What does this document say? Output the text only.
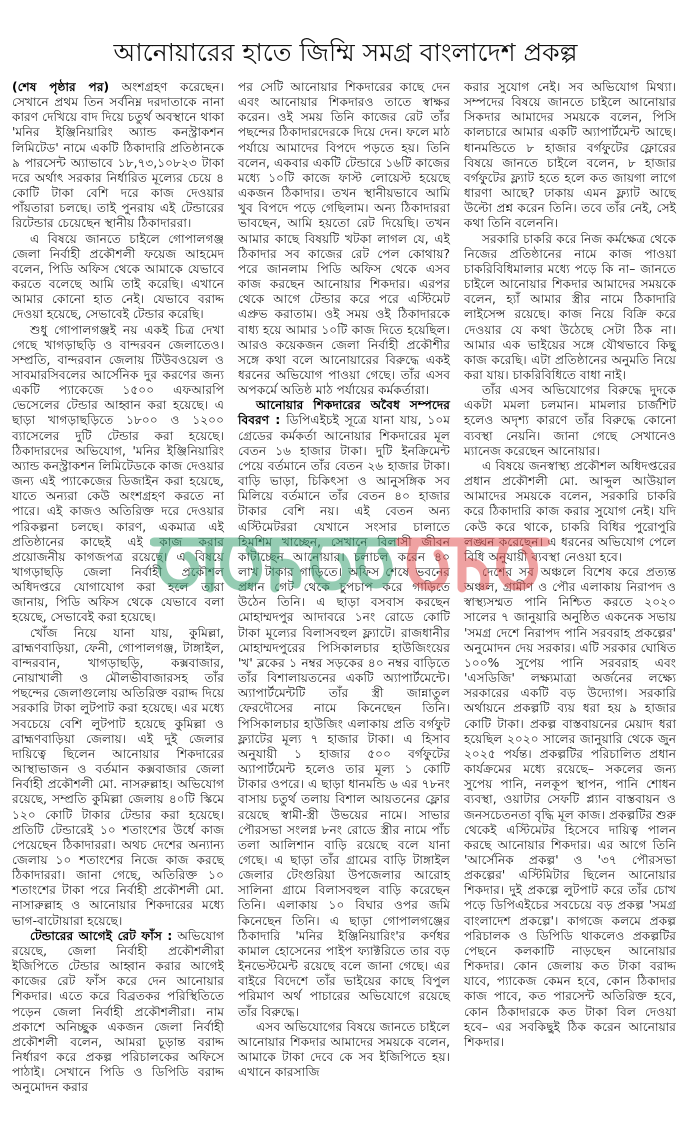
আনোয়ারের হাতে জিম্মি সমগ্র বাংলাদেশ প্রকল্প

(শেষ পৃষ্ঠার পর) অংশগ্রহণ করেছেন। সেখানে প্রথম তিন সর্বনিম্ন দরদাতাকে নানা কারণ দেখিয়ে বাদ দিয়ে চতুর্থ অবস্থানে থাকা 'মনির ইঞ্জিনিয়ারিং অ্যান্ড কনস্ট্রাকশন লিমিটেড' নামে একটি ঠিকাদারি প্রতিষ্ঠানকে ৯ পারসেন্ট অ্যাভাবে ১৮,৭৩,১০৮২৩ টাকা দরে অর্থাৎ সরকার নির্ধারিত মূল্যের চেয়ে ৪ কোটি টাকা বেশি দরে কাজ দেওয়ার পাঁয়তারা চলছে। তাই পুনরায় এই টেন্ডারের রিটেন্ডার চেয়েছেন স্থানীয় ঠিকাদাররা।

এ বিষয়ে জানতে চাইলে গোপালগঞ্জ জেলা নির্বাহী প্রকৌশলী ফয়েজ আহমেদ বলেন, পিডি অফিস থেকে আমাকে যেভাবে করতে বলেছে আমি তাই করেছি। এখানে আমার কোনো হাত নেই। যেভাবে বরাদ্দ দেওয়া হয়েছে, সেভাবেই টেন্ডার করেছি।

শুধু গোপালগঞ্জই নয় একই চিত্র দেখা গেছে খাগড়াছড়ি ও বান্দরবন জেলাতেও। সম্প্রতি, বান্দরবান জেলায় টিউবওয়েল ও সাবমারসিবলের আর্সেনিক দুর করণের জন্য একটি প্যাকেজে ১৫০০ এফআরপি ভেসেলের টেন্ডার আহ্বান করা হয়েছে। এ ছাড়া খাগড়াছড়িতে ১৮০০ ও ১২০০ ব্যাসেলের দুটি টেন্ডার করা হয়েছে। ঠিকাদারদের অভিযোগ, 'মনির ইঞ্জিনিয়ারিং অ্যান্ড কনস্ট্রাকশন লিমিটেডকে কাজ দেওয়ার জন্য এই প্যাকেজের ডিজাইন করা হয়েছে, যাতে অন্যরা কেউ অংশগ্রহণ করতে না পারে। এই কাজও অতিরিক্ত দরে দেওয়ার পরিকল্পনা চলছে। কারণ, একমাত্র এই প্রতিষ্ঠানের কাছেই এই কাজ করার প্রয়োজনীয় কাগজপত্র রয়েছে। এ বিষয়ে খাগড়াছড়ি জেলা নির্বাহী প্রকৌশল অধিদপ্তরে যোগাযোগ করা হলে তারা জানায়, পিডি অফিস থেকে যেভাবে বলা হয়েছে, সেভাবেই করা হয়েছে।

খোঁজ নিয়ে যানা যায়, কুমিল্লা, ব্রাহ্মণবাড়িয়া, ফেনী, গোপালগঞ্জ, টাঙ্গাইল, বান্দরবান, খাগড়াছড়ি, কক্সবাজার, নোয়াখালী ও মৌলভীবাজারসহ তাঁর পছন্দের জেলাগুলোয় অতিরিক্ত বরাদ্দ দিয়ে সরকারি টাকা লুটপাট করা হয়েছে। এর মধ্যে সবচেয়ে বেশি লুটপাট হয়েছে কুমিল্লা ও ব্রাহ্মণবাড়িয়া জেলায়। এই দুই জেলার দায়িত্বে ছিলেন আনোয়ার শিকদারের আস্থাভাজন ও বর্তমান কক্সবাজার জেলা নির্বাহী প্রকৌশলী মো. নাসরুল্লাহ। অভিযোগ রয়েছে, সম্প্রতি কুমিল্লা জেলায় ৪০টি স্কিমে ১২০ কোটি টাকার টেন্ডার করা হয়েছে। প্রতিটি টেন্ডারেই ১০ শতাংশের উর্ধে কাজ পেয়েছেন ঠিকাদাররা। অথচ দেশের অন্যান্য জেলায় ১০ শতাংশের নিজে কাজ করছে ঠিকাদাররা। জানা গেছে, অতিরিক্ত ১০ শতাংশের টাকা পরে নির্বাহী প্রকৌশলী মো. নাসারুল্লাহ ও আনোয়ার শিকদারের মধ্যে ভাগ-বাটোয়ারা হয়েছে।

টেন্ডারের আগেই রেট ফাঁস : অভিযোগ রয়েছে, জেলা নির্বাহী প্রকৌশলীরা ইজিপিতে টেন্ডার আহ্বান করার আগেই কাজের রেট ফাঁস করে দেন আনোয়ার শিকদার। এতে করে বিব্রতকর পরিস্থিতিতে পড়েন জেলা নির্বাহী প্রকৌশলীরা। নাম প্রকাশে অনিচ্ছুক একজন জেলা নির্বাহী প্রকৌশলী বলেন, আমরা চূড়ান্ত বরাদ্দ নির্ধারণ করে প্রকল্প পরিচালকের অফিসে পাঠাই। সেখানে পিডি ও ডিপিডি বরাদ্দ অনুমোদন করার

পর সেটি আনোয়ার শিকদারের কাছে দেন এবং আনোয়ার শিকদারও তাতে স্বাক্ষর করেন। ওই সময় তিনি কাজের রেট তাঁর পছন্দের ঠিকাদারদেরকে দিয়ে দেন। ফলে মাঠ পর্যায়ে আমাদের বিপদে পড়তে হয়। তিনি বলেন, একবার একটি টেন্ডারে ১৬টি কাজের মধ্যে ১০টি কাজে ফাস্ট লোয়েস্ট হয়েছে একজন ঠিকাদার। তখন স্থানীয়ভাবে আমি খুব বিপদে পড়ে গেছিলাম। অন্য ঠিকাদাররা ভাবছেন, আমি হয়তো রেট দিয়েছি। তখন আমার কাছে বিষয়টি খটকা লাগল যে, এই ঠিকাদার সব কাজের রেট পেল কোথায়? পরে জানলাম পিডি অফিস থেকে এসব কাজ করছেন আনোয়ার শিকদার। এরপর থেকে আগে টেন্ডার করে পরে এস্টিমেট এপ্রুভ করাতাম। ওই সময় ওই ঠিকাদারকে বাধ্য হয়ে আমার ১০টি কাজ দিতে হয়েছিল। আরও কয়েকজন জেলা নির্বাহী প্রকৌশীর সঙ্গে কথা বলে আনোয়ারের বিরুদ্ধে একই ধরনের অভিযোগ পাওয়া গেছে। তাঁর এসব অপকর্মে অতিষ্ঠ মাঠ পর্যায়ের কর্মকর্তারা।

আনোয়ার শিকদারের অবৈধ সম্পদের বিবরণ : ডিপিএইচই সূত্রে যানা যায়, ১০ম গ্রেডের কর্মকর্তা আনোয়ার শিকদারের মূল বেতন ১৬ হাজার টাকা। দুটি ইনক্রিমেন্ট পেয়ে বর্তমানে তাঁর বেতন ২৬ হাজার টাকা। বাড়ি ভাড়া, চিকিৎসা ও আনুসঙ্গিক সব মিলিয়ে বর্তমানে তাঁর বেতন ৪০ হাজার টাকার বেশি নয়। এই বেতন অন্য এস্টিমেটররা যেখানে সংসার চালাতে হিমশিম খাচ্ছেন, সেখানে বিলাসী জীবন কাটাচ্ছেন আনোয়ার। চলাচল করেন ৪০ লাখ টাকার গাড়িতে। অফিস শেষে ভবনের প্রধান গেট থেকে চুপচাপ করে গাড়িতে উঠেন তিনি। এ ছাড়া বসবাস করছেন মোহাম্মদপুর আদাবরে ১নং রোডে কোটি টাকা মূল্যের বিলাসবহুল ফ্ল্যাটে। রাজধানীর মোহাম্মদপুরের পিসিকালচার হাউজিংয়ের 'খ' ব্লকের ১ নম্বর সড়কের ৪০ নম্বর বাড়িতে তাঁর বিশালায়তনের একটি অ্যাপার্টমেন্টে। অ্যাপার্টমেন্টটি তাঁর স্ত্রী জান্নাতুল ফেরদৌসের নামে কিনেছেন তিনি। পিসিকালচার হাউজিং এলাকায় প্রতি বর্গফুট ফ্ল্যাটের মূল্য ৭ হাজার টাকা। এ হিসাব অনুযায়ী ১ হাজার ৫০০ বর্গফুটের অ্যাপার্টমেন্ট হলেও তার মূল্য ১ কোটি টাকার ওপরে। এ ছাড়া ধানমন্ডি ৬ এর ৭৮নং বাসায় চতুর্থ তলায় বিশাল আয়তনের ফ্লোর রয়েছে স্বামী-স্ত্রী উভয়ের নামে। সাভার পৌরসভা সংলগ্ন ৮নং রোডে স্ত্রীর নামে পাঁচ তলা আলিশান বাড়ি রয়েছে বলে যানা গেছে। এ ছাড়া তাঁর গ্রামের বাড়ি টাঙ্গাইল জেলার টেংগুরিয়া উপজেলার আরোহ সালিনা গ্রামে বিলাসবহুল বাড়ি করেছেন তিনি। এলাকায় ১০ বিঘার ওপর জমি কিনেছেন তিনি। এ ছাড়া গোপালগঞ্জের ঠিকাদারি 'মনির ইঞ্জিনিয়ারিং'র কর্ণধর কামাল হোসেনের পাইপ ফ্যাক্টরিতে তার বড় ইনভেস্টমেন্ট রয়েছে বলে জানা গেছে। এর বাইরে বিদেশে তাঁর ভাইয়ের কাছে বিপুল পরিমাণ অর্থ পাচারের অভিযোগে রয়েছে তাঁর বিরুদ্ধে।

এসব অভিযোগের বিষয়ে জানতে চাইলে আনোয়ার শিকদার আমাদের সময়কে বলেন, আমাকে টাকা দেবে কে সব ইজিপিতে হয়। এখানে কারসাজি

করার সুযোগ নেই। সব অভিযোগ মিথ্যা। সম্পদের বিষয়ে জানতে চাইলে আনোয়ার সিকদার আমাদের সময়কে বলেন, পিসি কালচারে আমার একটি অ্যাপার্টমেন্ট আছে। ধানমন্ডিতে ৮ হাজার বর্গফুটের ফ্লোরের বিষয়ে জানতে চাইলে বলেন, ৮ হাজার বর্গফুটের ফ্ল্যাট হতে হলে কত জায়গা লাগে ধারণা আছে? ঢাকায় এমন ফ্ল্যাট আছে উল্টো প্রশ্ন করেন তিনি। তবে তাঁর নেই, সেই কথা তিনি বলেননি।

সরকারি চাকরি করে নিজ কর্মক্ষেত্র থেকে নিজের প্রতিষ্ঠানের নামে কাজ পাওয়া চাকরিবিধিমালার মধ্যে পড়ে কি না– জানতে চাইলে আনোয়ার শিকদার আমাদের সময়কে বলেন, হ্যাঁ আমার স্ত্রীর নামে ঠিকাদারি লাইসেন্স রয়েছে। কাজ নিয়ে বিক্রি করে দেওয়ার যে কথা উঠেছে সেটা ঠিক না। আমার এক ভাইয়ের সঙ্গে যৌথভাবে কিছু কাজ করেছি। এটা প্রতিষ্ঠানের অনুমতি নিয়ে করা যায়। চাকরিবিধিতে বাধা নাই।

তাঁর এসব অভিযোগের বিরুদ্ধে দুদকে একটা মমলা চলমান। মামলার চার্জশিট হলেও অদৃশ্য কারণে তাঁর বিরুদ্ধে কোনো ব্যবস্থা নেয়নি। জানা গেছে সেখানেও ম্যানেজ করেছেন আনোয়ার।

এ বিষয়ে জনস্বাস্থ্য প্রকৌশল অধিদপ্তরের প্রধান প্রকৌশলী মো. আব্দুল আউয়াল আমাদের সময়কে বলেন, সরকারি চাকরি করে ঠিকাদারি কাজ করার সুযোগ নেই। যদি কেউ করে থাকে, চাকরি বিধির পুরোপুরি লঙ্ঘন করেছেন। এ ধরনের অভিযোগ পেলে বিধি অনুযায়ী ব্যবস্থা নেওয়া হবে।

দেশের সব অঞ্চলে বিশেষ করে প্রত্যন্ত অঞ্চল, গ্রামীণ ও পৌর এলাকায় নিরাপদ ও স্বাস্থ্যসম্মত পানি নিশ্চিত করতে ২০২০ সালের ৭ জানুয়ারি অনুষ্ঠিত একনেক সভায় 'সমগ্র দেশে নিরাপদ পানি সরবরাহ প্রকল্পের' অনুমোদন দেয় সরকার। এটি সরকার ঘোষিত ১০০% সুপেয় পানি সরবরাহ এবং 'এসডিজি' লক্ষ্যমাত্রা অর্জনের লক্ষ্যে সরকারের একটি বড় উদ্যোগ। সরকারি অর্থায়নে প্রকল্পটি ব্যয় ধরা হয় ৯ হাজার কোটি টাকা। প্রকল্প বাস্তবায়নের মেয়াদ ধরা হয়েছিল ২০২০ সালের জানুয়ারি থেকে জুন ২০২৫ পর্যন্ত। প্রকল্পটির পরিচালিত প্রধান কার্যক্রমের মধ্যে রয়েছে– সকলের জন্য সুপেয় পানি, নলকূপ স্থাপন, পানি শোধন ব্যবস্থা, ওয়াটার সেফটি প্ল্যান বাস্তবায়ন ও জনসচেতনতা বৃদ্ধি মূল কাজ। প্রকল্পটির শুরু থেকেই এস্টিমেটর হিসেবে দায়িত্ব পালন করছে আনোয়ার শিকদার। এর আগে তিনি 'আর্সেনিক প্রকল্প' ও '৩৭ পৌরসভা প্রকল্পের' এস্টিমিটার ছিলেন আনোয়ার শিকদার। দুই প্রকল্পে লুটপাট করে তাঁর চোখ পড়ে ডিপিএইচের সবচেয়ে বড় প্রকল্প 'সমগ্র বাংলাদেশ প্রকল্পে'। কাগজে কলমে প্রকল্প পরিচালক ও ডিপিডি থাকলেও প্রকল্পটির পেছনে কলকাটি নাড়ছেন আনোয়ার শিকদার। কোন জেলায় কত টাকা বরাদ্দ যাবে, প্যাকেজ কেমন হবে, কোন ঠিকাদার কাজ পাবে, কত পারসেন্ট অতিরিক্ত হবে, কোন ঠিকাদারকে কত টাকা বিল দেওয়া হবে– এর সবকিছুই ঠিক করেন আনোয়ার শিকদার।
